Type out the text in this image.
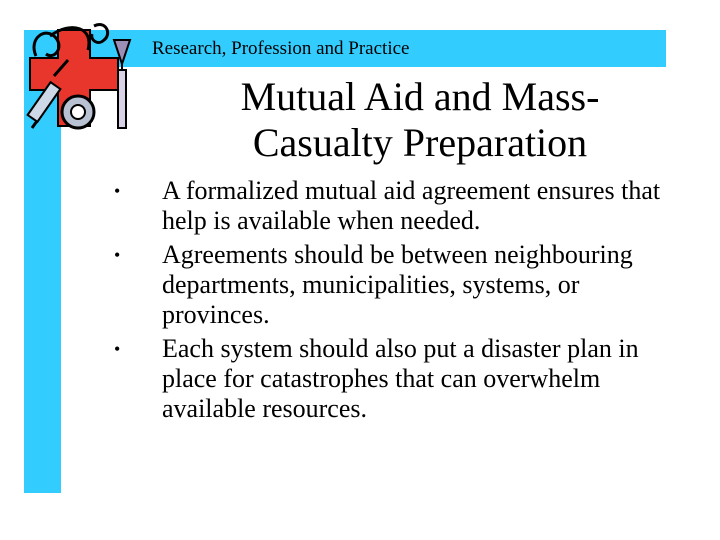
Research, Profession and Practice
Mutual Aid and Mass-
Casualty Preparation
• A formalized mutual aid agreement ensures that help is available when needed.
• Agreements should be between neighbouring departments, municipalities, systems, or provinces.
• Each system should also put a disaster plan in place for catastrophes that can overwhelm available resources.
